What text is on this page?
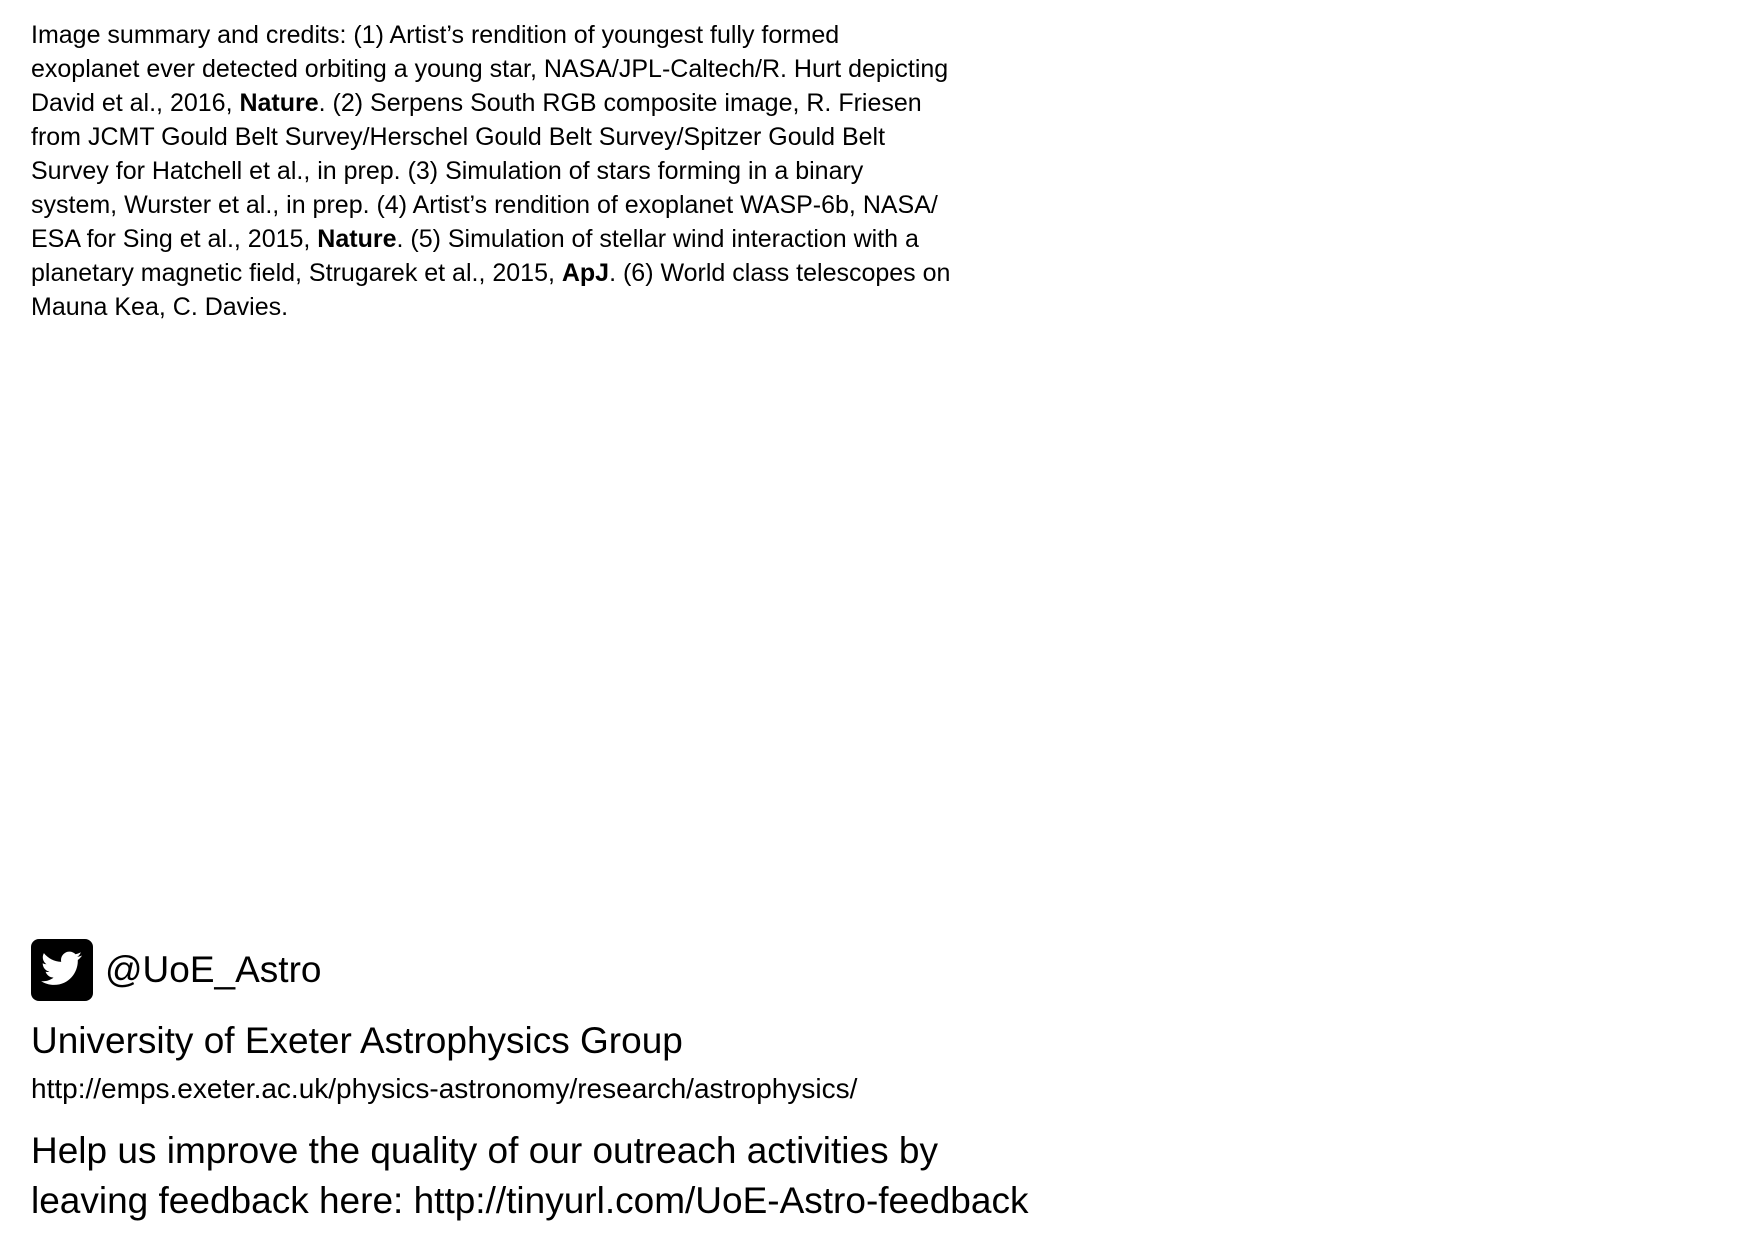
Image summary and credits: (1) Artist’s rendition of youngest fully formed
exoplanet ever detected orbiting a young star, NASA/JPL-Caltech/R. Hurt depicting
David et al., 2016, Nature. (2) Serpens South RGB composite image, R. Friesen
from JCMT Gould Belt Survey/Herschel Gould Belt Survey/Spitzer Gould Belt
Survey for Hatchell et al., in prep. (3) Simulation of stars forming in a binary
system, Wurster et al., in prep. (4) Artist’s rendition of exoplanet WASP-6b, NASA/
ESA for Sing et al., 2015, Nature. (5) Simulation of stellar wind interaction with a
planetary magnetic field, Strugarek et al., 2015, ApJ. (6) World class telescopes on
Mauna Kea, C. Davies.
@UoE_Astro
University of Exeter Astrophysics Group
http://emps.exeter.ac.uk/physics-astronomy/research/astrophysics/
Help us improve the quality of our outreach activities by
leaving feedback here: http://tinyurl.com/UoE-Astro-feedback
